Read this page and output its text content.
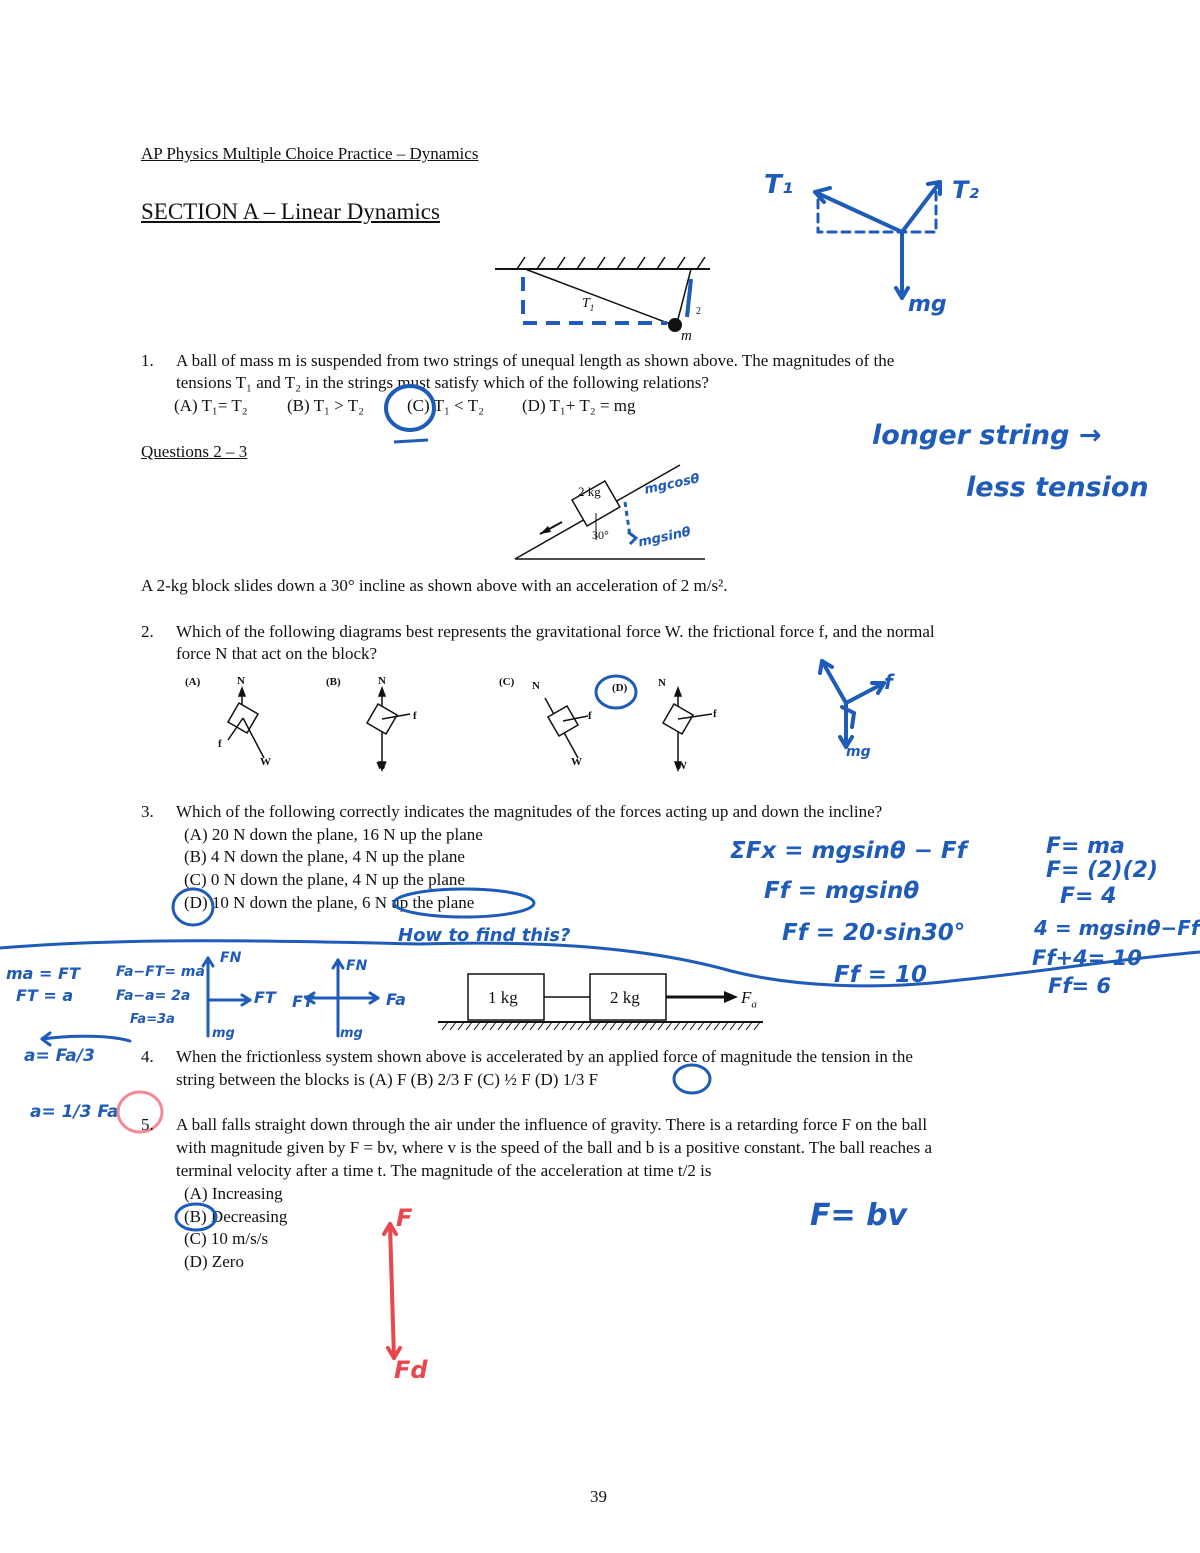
AP Physics Multiple Choice Practice – Dynamics
SECTION A – Linear Dynamics
$T_1$	2
m
T₁	T₂
mg
1. A ball of mass m is suspended from two strings of unequal length as shown above. The magnitudes of the
tensions T₁ and T₂ in the strings must satisfy which of the following relations?
(A) T₁= T₂ (B) T₁ > T₂	(C) T₁ < T₂ (D) T₁+ T₂ = mg
longer string →
less tension
Questions 2 – 3
2 kg
30°
mgcosθ
mgsinθ
A 2-kg block slides down a 30° incline as shown above with an acceleration of 2 m/s².
2. Which of the following diagrams best represents the gravitational force W. the frictional force f, and the normal
force N that act on the block?
(A)	(B)	(C)	(D)
N
W
f
N
W
f
N
W
f
N
W
f
f
mg
3. Which of the following correctly indicates the magnitudes of the forces acting up and down the incline?
(A) 20 N down the plane, 16 N up the plane
(B) 4 N down the plane, 4 N up the plane
(C) 0 N down the plane, 4 N up the plane
(D) 10 N down the plane, 6 N up the plane
How to find this?
ΣFx = mgsinθ − Ff
Ff = mgsinθ
Ff = 20·sin30°
Ff = 10
F= ma
F= (2)(2)
F= 4
4 = mgsinθ−Ff
Ff+4= 10
Ff= 6
ma = FT
FT = a
Fa−FT= ma
Fa−a= 2a
Fa=3a
FN
FT
mg
FN
FT	Fa
mg
1 kg	2 kg	$F_a$
4. When the frictionless system shown above is accelerated by an applied force of magnitude the tension in the
string between the blocks is (A) F (B) 2/3 F (C) ½ F (D) 1/3 F
a= Fa/3
a= 1/3 Fa
5. A ball falls straight down through the air under the influence of gravity. There is a retarding force F on the ball
with magnitude given by F = bv, where v is the speed of the ball and b is a positive constant. The ball reaches a
terminal velocity after a time t. The magnitude of the acceleration at time t/2 is
(A) Increasing
(B) Decreasing
(C) 10 m/s/s
(D) Zero
F= bv
F
Fd
39
